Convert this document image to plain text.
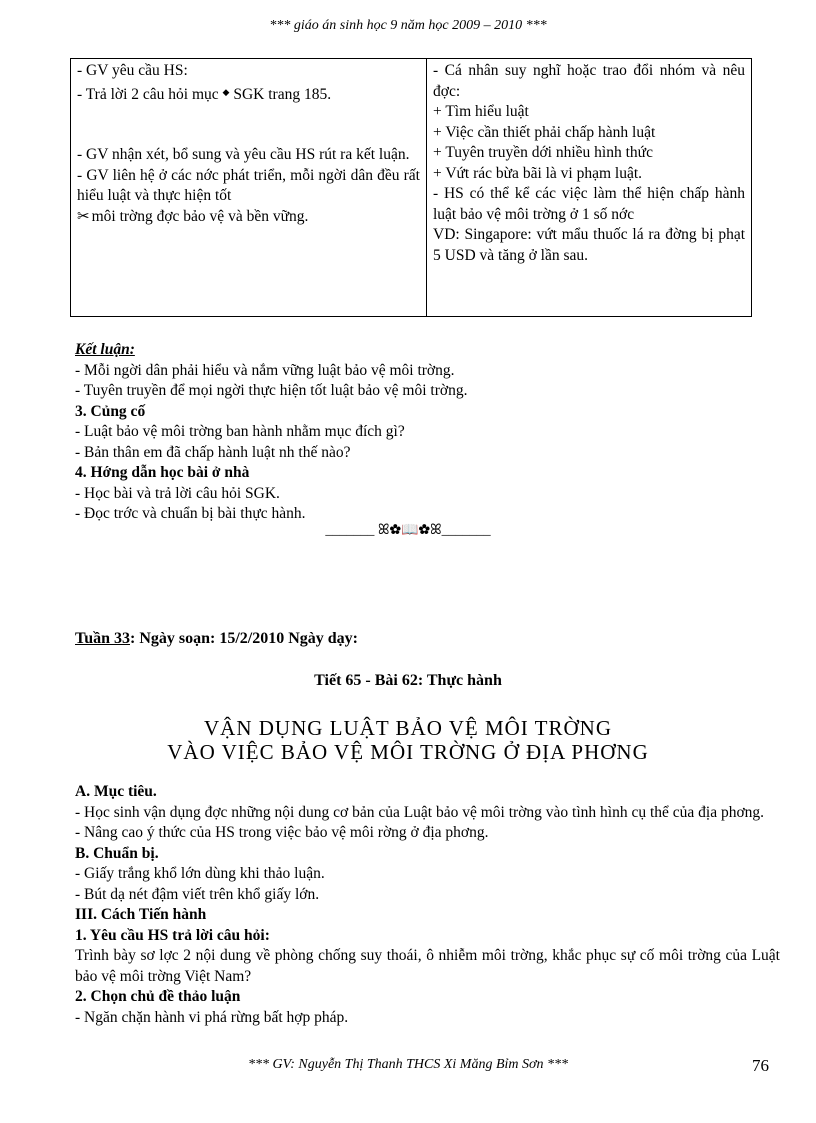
*** giáo án sinh học 9 năm học 2009 – 2010 ***
- GV yêu cầu HS:
- Trả lời 2 câu hỏi mục ◆ SGK trang 185.
- GV nhận xét, bổ sung và yêu cầu HS rút ra kết luận.
- GV liên hệ ở các nớc phát triển, mỗi ngời dân đều rất hiểu luật và thực hiện tốt
✂ môi trờng đợc bảo vệ và bền vững.

- Cá nhân suy nghĩ hoặc trao đổi nhóm và nêu đợc:
+ Tìm hiểu luật
+ Việc cần thiết phải chấp hành luật
+ Tuyên truyền dới nhiều hình thức
+ Vứt rác bừa bãi là vi phạm luật.
- HS có thể kể các việc làm thể hiện chấp hành luật bảo vệ môi trờng ở 1 số nớc
VD: Singapore: vứt mẩu thuốc lá ra đờng bị phạt 5 USD và tăng ở lần sau.
Kết luận:
- Mỗi ngời dân phải hiểu và nắm vững luật bảo vệ môi trờng.
- Tuyên truyền để mọi ngời thực hiện tốt luật bảo vệ môi trờng.
3. Củng cố
- Luật bảo vệ môi trờng ban hành nhằm mục đích gì?
- Bản thân em đã chấp hành luật nh thế nào?
4. Hớng dẫn học bài ở nhà
- Học bài và trả lời câu hỏi SGK.
- Đọc trớc và chuẩn bị bài thực hành.
_______ ꕤ✿📖✿ꕤ_______
Tuần 33: Ngày soạn: 15/2/2010 Ngày dạy:
Tiết 65 - Bài 62: Thực hành
VẬN DỤNG LUẬT BẢO VỆ MÔI TRỜNG
VÀO VIỆC BẢO VỆ MÔI TRỜNG Ở ĐỊA PHƠNG
A. Mục tiêu.
- Học sinh vận dụng đợc những nội dung cơ bản của Luật bảo vệ môi trờng vào tình hình cụ thể của địa phơng.
- Nâng cao ý thức của HS trong việc bảo vệ môi rờng ở địa phơng.
B. Chuẩn bị.
- Giấy trắng khổ lớn dùng khi thảo luận.
- Bút dạ nét đậm viết trên khổ giấy lớn.
III. Cách Tiến hành
1. Yêu cầu HS trả lời câu hỏi:
Trình bày sơ lợc 2 nội dung về phòng chống suy thoái, ô nhiễm môi trờng, khắc phục sự cố môi trờng của Luật bảo vệ môi trờng Việt Nam?
2. Chọn chủ đề thảo luận
- Ngăn chặn hành vi phá rừng bất hợp pháp.
*** GV: Nguyễn Thị Thanh THCS Xi Măng Bỉm Sơn ***	76
